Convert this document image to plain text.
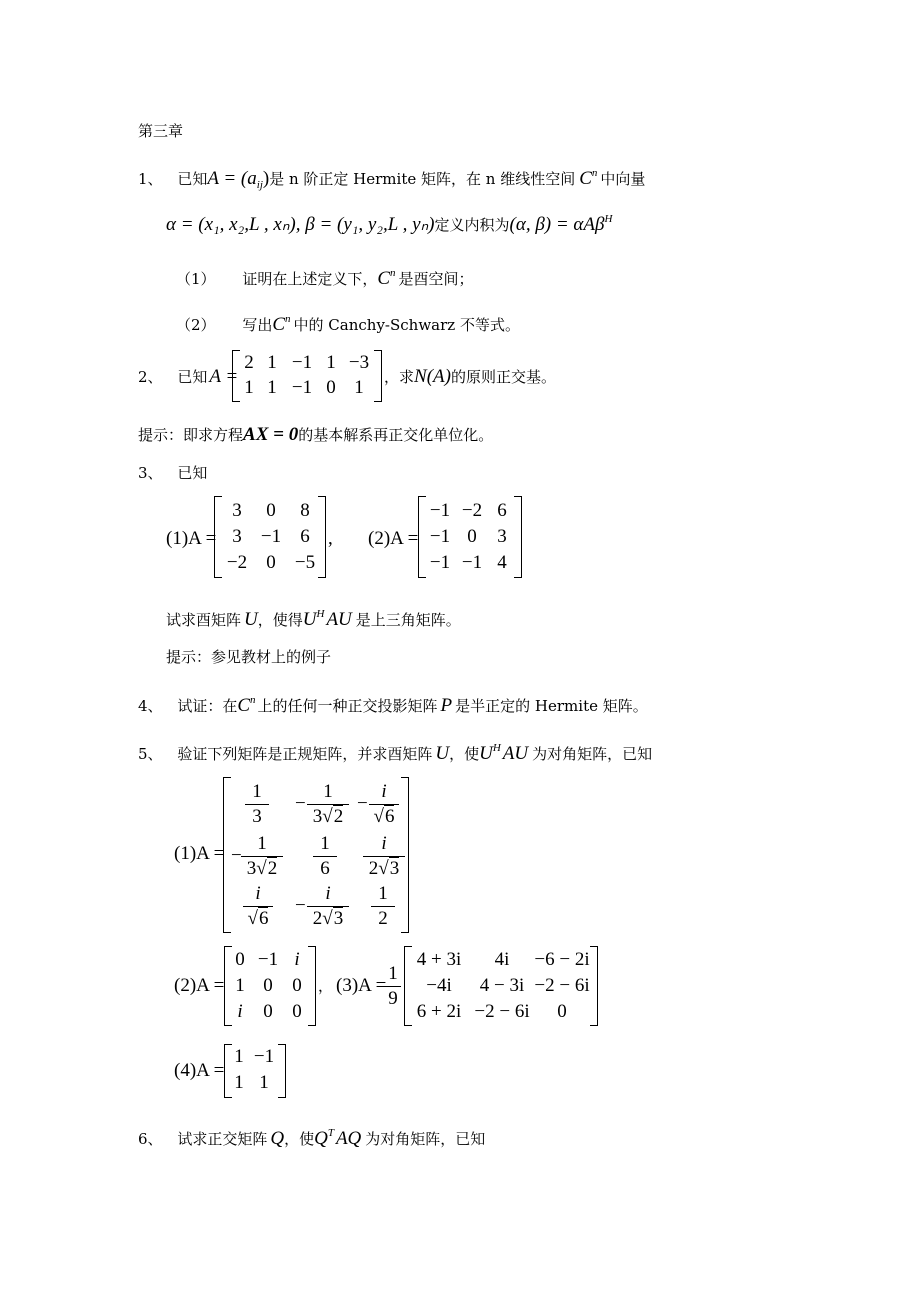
第三章
1、 已知$A = (a_{ij})$是 n 阶正定 Hermite 矩阵，在 n 维线性空间 $C^n$ 中向量
α = (x₁, x₂,L , xₙ), β = (y₁, y₂,L , yₙ)定义内积为(α, β) = αAβ$^H$
（1） 证明在上述定义下，$C^n$ 是酉空间；
（2） 写出$C^n$ 中的 Canchy-Schwarz 不等式。
2、 已知 A =
2 1 −1 1 −3
1 1 −1 0 1	，求N(A)的原则正交基。
提示：即求方程AX = 0的基本解系再正交化单位化。
3、 已知
(1)A =
3	0	8
3	−1	6
−2	0	−5
, (2)A =
−1 −2 6
−1 0	3
−1 −1 4
试求酉矩阵 U，使得$U^H$ AU 是上三角矩阵。
提示：参见教材上的例子
4、 试证：在$C^n$ 上的任何一种正交投影矩阵 P 是半正定的 Hermite 矩阵。
5、 验证下列矩阵是正规矩阵，并求酉矩阵 U，使$U^H$ AU 为对角矩阵，已知
(1)A =
$\frac{1}{3} - \frac{1}{3√2} - \frac{i}{√6}$
− $\frac{1}{3√2} \frac{1}{6} \frac{i}{2√3}$
$\frac{i}{√6} - \frac{i}{2√3} \frac{1}{2}$
(2)A =
0 −1 i
1 0	0
i	0	0
， (3)A =
$\frac{1}{9}$
4 + 3i	4i	−6 − 2i
−4i	4 − 3i −2 − 6i
6 + 2i −2 − 6i	0
(4)A =
1 −1
1 1
6、 试求正交矩阵 Q，使$Q^T$ AQ 为对角矩阵，已知
